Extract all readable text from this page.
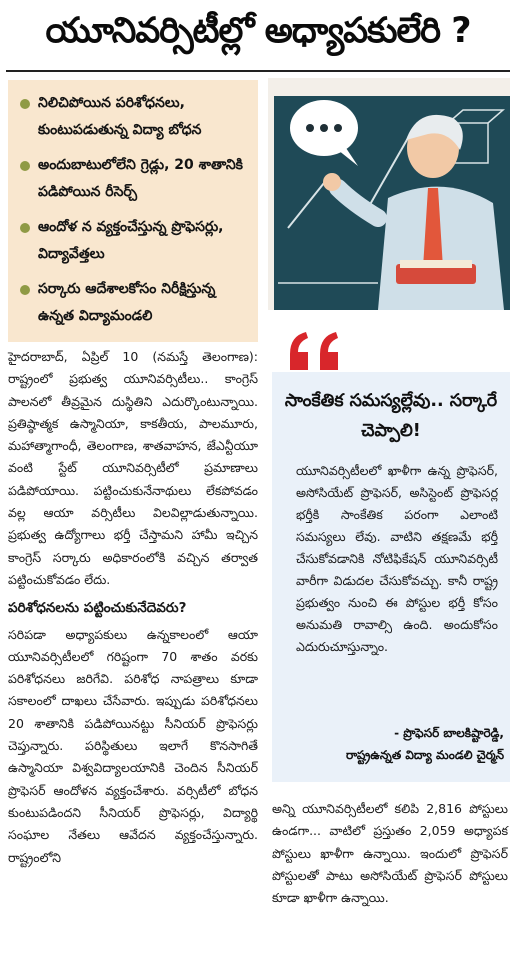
యూనివర్సిటీల్లో అధ్యాపకులేరి ?
నిలిచిపోయిన పరిశోధనలు, కుంటుపడుతున్న విద్యా బోధన
అందుబాటులోలేని గ్రెడ్లు, 20 శాతానికి పడిపోయిన రీసెర్చ్
ఆందోళ న వ్యక్తంచేస్తున్న ప్రొఫెసర్లు, విద్యావేత్తలు
సర్కారు ఆదేశాలకోసం నిరీక్షిస్తున్న ఉన్నత విద్యామండలి

హైదరాబాద్, ఏప్రిల్ 10 (నమస్తే తెలంగాణ): రాష్ట్రంలో ప్రభుత్వ యూనివర్సిటీలు.. కాంగ్రెస్ పాలనలో తీవ్రమైన దుస్థితిని ఎదుర్కొంటున్నాయి. ప్రతిష్ఠాత్మక ఉస్మానియా, కాకతీయ, పాలమూరు, మహాత్మాగాంధీ, తెలంగాణ, శాతవాహన, జేఎన్టీయూ వంటి స్టేట్ యూనివర్సిటీలో ప్రమాణాలు పడిపోయాయి. పట్టించుకునేనాథులు లేకపోవడం వల్ల ఆయా వర్సిటీలు విలవిల్లాడుతున్నాయి. ప్రభుత్వ ఉద్యోగాలు భర్తీ చేస్తామని హామీ ఇచ్చిన కాంగ్రెస్ సర్కారు అధికారంలోకి వచ్చిన తర్వాత పట్టించుకోవడం లేదు.

పరిశోధనలను పట్టించుకునేదెవరు?

సరిపడా అధ్యాపకులు ఉన్నకాలంలో ఆయా యూనివర్సిటీలలో గరిష్టంగా 70 శాతం వరకు పరిశోధనలు జరిగేవి. పరిశోధ నాపత్రాలు కూడా సకాలంలో దాఖలు చేసేవారు. ఇప్పుడు పరిశోధనలు 20 శాతానికి పడిపోయినట్టు సీనియర్ ప్రొఫెసర్లు చెప్తున్నారు. పరిస్థితులు ఇలాగే కొనసాగితే ఉస్మానియా విశ్వవిద్యాలయానికి చెందిన సీనియర్ ప్రొఫెసర్ ఆందోళన వ్యక్తంచేశారు. వర్సిటీలో బోధన కుంటుపడిందని సీనియర్ ప్రొఫెసర్లు, విద్యార్థి సంఘాల నేతలు ఆవేదన వ్యక్తంచేస్తున్నారు. రాష్ట్రంలోని

సాంకేతిక సమస్యల్లేవు.. సర్కారే చెప్పాలి!
యూనివర్సిటీలలో ఖాళీగా ఉన్న ప్రొఫెసర్, అసోసియేట్ ప్రొఫెసర్, అసిస్టెంట్ ప్రొఫెసర్ల భర్తీకి సాంకేతిక పరంగా ఎలాంటి సమస్యలు లేవు. వాటిని తక్షణమే భర్తీ చేసుకోవడానికి నోటిఫికేషన్ యూనివర్సిటీ వారీగా విడుదల చేసుకోవచ్చు. కానీ రాష్ట్ర ప్రభుత్వం నుంచి ఈ పోస్టుల భర్తీ కోసం అనుమతి రావాల్సి ఉంది. అందుకోసం ఎదురుచూస్తున్నాం.
- ప్రొఫెసర్ బాలకిష్టారెడ్డి,
రాష్ట్రఉన్నత విద్యా మండలి చైర్మన్

అన్ని యూనివర్సిటీలలో కలిపి 2,816 పోస్టులు ఉండగా... వాటిలో ప్రస్తుతం 2,059 అధ్యాపక పోస్టులు ఖాళీగా ఉన్నాయి. ఇందులో ప్రొఫెసర్ పోస్టులతో పాటు అసోసియేట్ ప్రొఫెసర్ పోస్టులు కూడా ఖాళీగా ఉన్నాయి.
